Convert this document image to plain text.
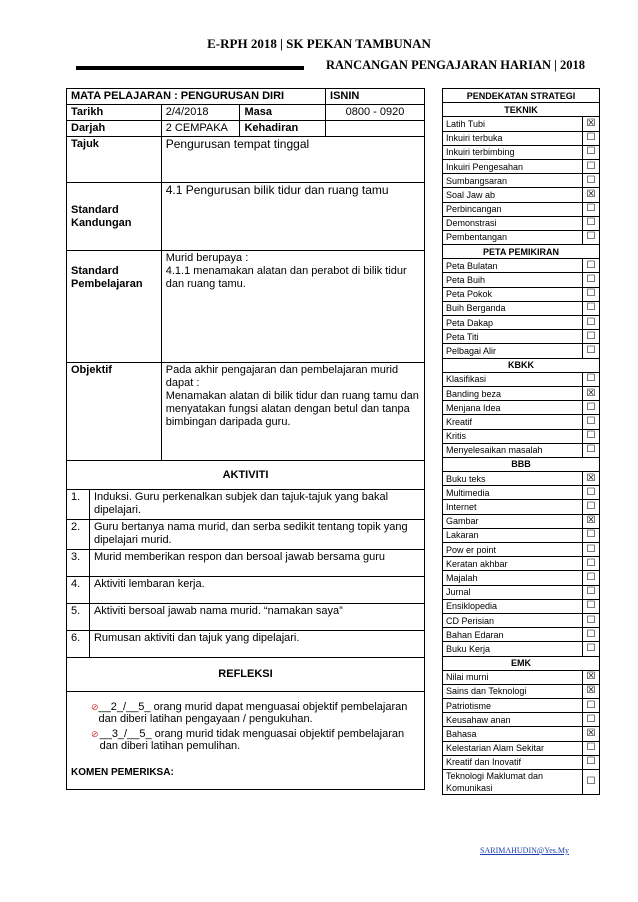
E-RPH 2018 | SK PEKAN TAMBUNAN
RANCANGAN PENGAJARAN HARIAN | 2018
MATA PELAJARAN : PENGURUSAN DIRI				ISNIN
Tarikh		2/4/2018	Masa	0800 - 0920
Darjah		2 CEMPAKA	Kehadiran	
Tajuk		Pengurusan tempat tinggal		
Standard Kandungan		4.1 Pengurusan bilik tidur dan ruang tamu		
Standard Pembelajaran		Murid berupaya :
4.1.1 menamakan alatan dan perabot di bilik tidur dan ruang tamu.		

Objektif		Pada akhir pengajaran dan pembelajaran murid dapat :
Menamakan alatan di bilik tidur dan ruang tamu dan menyatakan fungsi alatan dengan betul dan tanpa bimbingan daripada guru.		

AKTIVITI				
1.	Induksi. Guru perkenalkan subjek dan tajuk-tajuk yang bakal dipelajari.			
2.	Guru bertanya nama murid, dan serba sedikit tentang topik yang dipelajari murid.			
3.	Murid memberikan respon dan bersoal jawab bersama guru			
4.	Aktiviti lembaran kerja.			
5.	Aktiviti bersoal jawab nama murid. “namakan saya”			
6.	Rumusan aktiviti dan tajuk yang dipelajari.			
REFLEKSI				

⊘ __2_/__5_ orang murid dapat menguasai objektif pembelajaran dan diberi latihan pengayaan / pengukuhan.
⊘ __3_/__5_ orang murid tidak menguasai objektif pembelajaran dan diberi latihan pemulihan.
KOMEN PEMERIKSA:				
PENDEKATAN STRATEGI	
TEKNIK	
Latih Tubi	☒
Inkuiri terbuka	☐
Inkuiri terbimbing	☐
Inkuiri Pengesahan	☐
Sumbangsaran	☐
Soal Jaw ab	☒
Perbincangan	☐
Demonstrasi	☐
Pembentangan	☐
PETA PEMIKIRAN	
Peta Bulatan	☐
Peta Buih	☐
Peta Pokok	☐
Buih Berganda	☐
Peta Dakap	☐
Peta Titi	☐
Pelbagai Alir	☐
KBKK	
Klasifikasi	☐
Banding beza	☒
Menjana Idea	☐
Kreatif	☐
Kritis	☐
Menyelesaikan masalah	☐
BBB	
Buku teks	☒
Multimedia	☐
Internet	☐
Gambar	☒
Lakaran	☐
Pow er point	☐
Keratan akhbar	☐
Majalah	☐
Jurnal	☐
Ensiklopedia	☐
CD Perisian	☐
Bahan Edaran	☐
Buku Kerja	☐
EMK	
Nilai murni	☒
Sains dan Teknologi	☒
Patriotisme	☐
Keusahaw anan	☐
Bahasa	☒
Kelestarian Alam Sekitar	☐
Kreatif dan Inovatif	☐
Teknologi Maklumat dan Komunikasi	☐
SARIMAHUDIN@Yes.My
